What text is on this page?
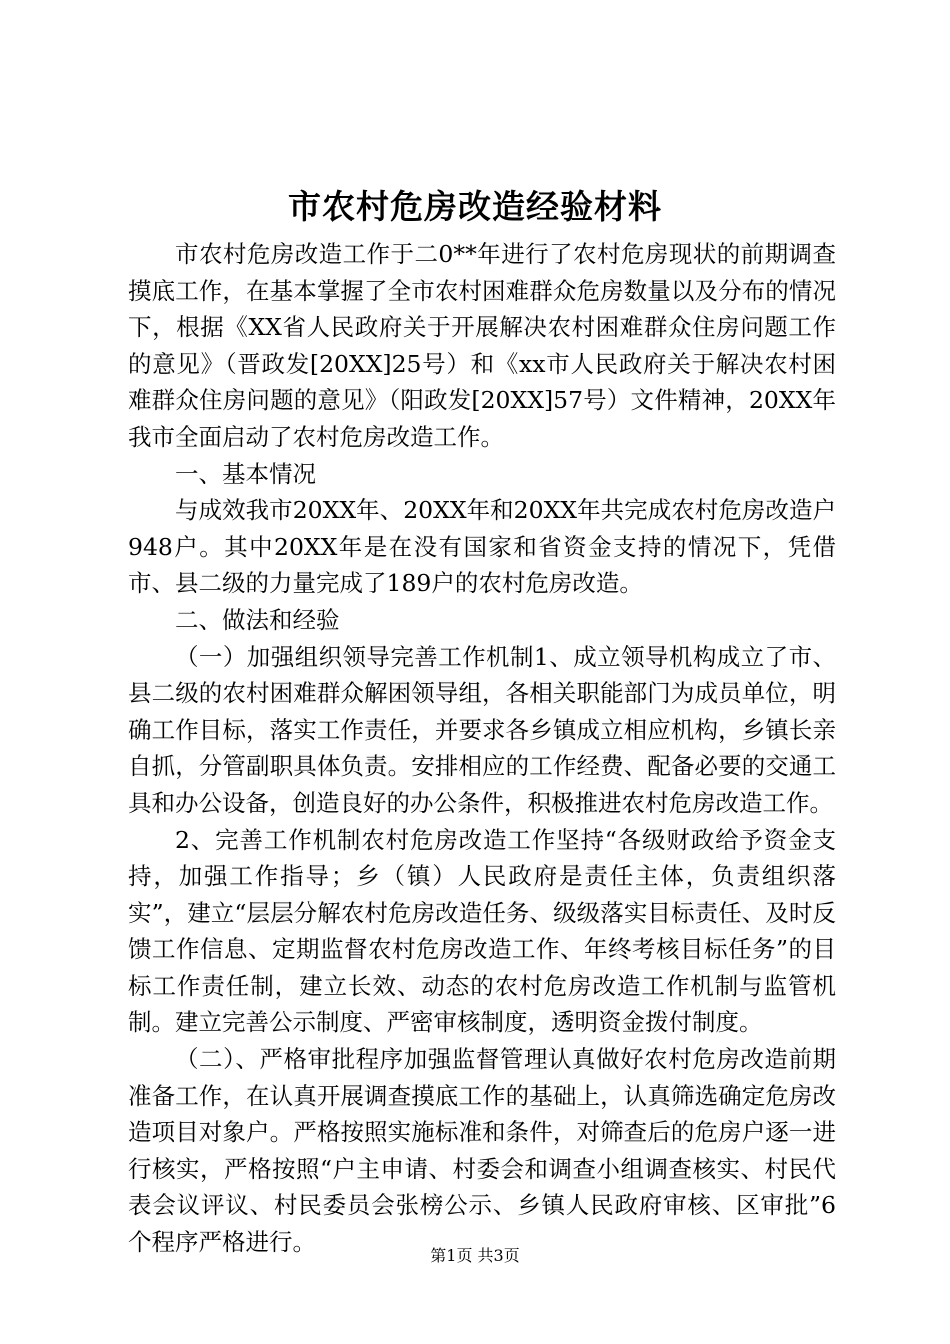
市农村危房改造经验材料

市农村危房改造工作于二0**年进行了农村危房现状的前期调查摸底工作，在基本掌握了全市农村困难群众危房数量以及分布的情况下，根据《XX省人民政府关于开展解决农村困难群众住房问题工作的意见》（晋政发[20XX]25号）和《xx市人民政府关于解决农村困难群众住房问题的意见》（阳政发[20XX]57号）文件精神，20XX年我市全面启动了农村危房改造工作。

一、基本情况

与成效我市20XX年、20XX年和20XX年共完成农村危房改造户948户。其中20XX年是在没有国家和省资金支持的情况下，凭借市、县二级的力量完成了189户的农村危房改造。

二、做法和经验

（一）加强组织领导完善工作机制1、成立领导机构成立了市、县二级的农村困难群众解困领导组，各相关职能部门为成员单位，明确工作目标，落实工作责任，并要求各乡镇成立相应机构，乡镇长亲自抓，分管副职具体负责。安排相应的工作经费、配备必要的交通工具和办公设备，创造良好的办公条件，积极推进农村危房改造工作。

2、完善工作机制农村危房改造工作坚持“各级财政给予资金支持，加强工作指导；乡（镇）人民政府是责任主体，负责组织落实”，建立“层层分解农村危房改造任务、级级落实目标责任、及时反馈工作信息、定期监督农村危房改造工作、年终考核目标任务”的目标工作责任制，建立长效、动态的农村危房改造工作机制与监管机制。建立完善公示制度、严密审核制度，透明资金拨付制度。

（二）、严格审批程序加强监督管理认真做好农村危房改造前期准备工作，在认真开展调查摸底工作的基础上，认真筛选确定危房改造项目对象户。严格按照实施标准和条件，对筛查后的危房户逐一进行核实，严格按照“户主申请、村委会和调查小组调查核实、村民代表会议评议、村民委员会张榜公示、乡镇人民政府审核、区审批”6个程序严格进行。	第1页 共3页
